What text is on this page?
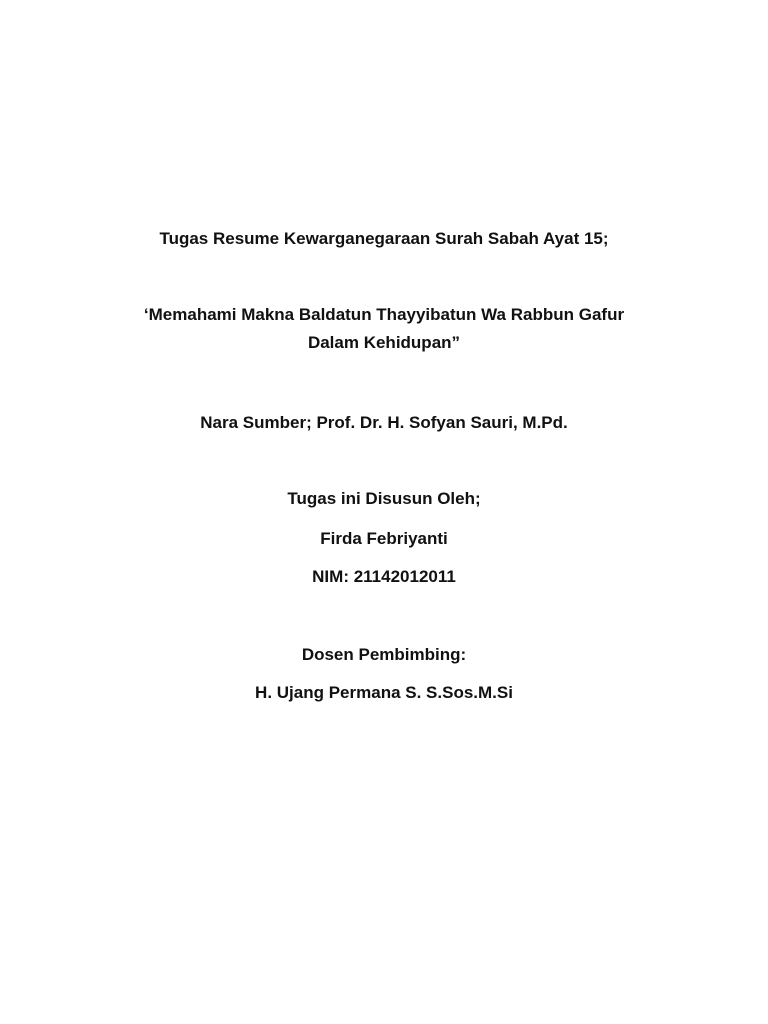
Tugas Resume Kewarganegaraan Surah Sabah Ayat 15;
‘Memahami Makna Baldatun Thayyibatun Wa Rabbun Gafur
Dalam Kehidupan”
Nara Sumber; Prof. Dr. H. Sofyan Sauri, M.Pd.
Tugas ini Disusun Oleh;
Firda Febriyanti
NIM: 21142012011
Dosen Pembimbing:
H. Ujang Permana S. S.Sos.M.Si
